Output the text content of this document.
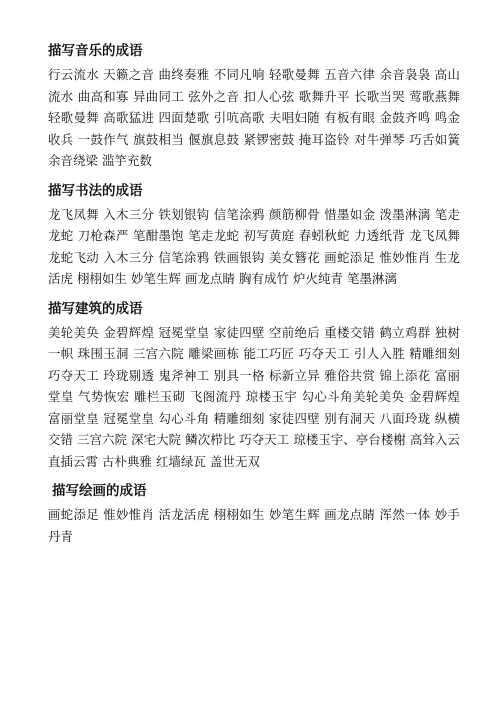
描写音乐的成语
行云流水 天籁之音 曲终奏雅 不同凡响 轻歌曼舞 五音六律 余音袅袅 高山流水 曲高和寡 异曲同工 弦外之音 扣人心弦 歌舞升平 长歌当哭 莺歌燕舞 轻歌曼舞 高歌猛进 四面楚歌 引吭高歌 夫唱妇随 有板有眼 金鼓齐鸣 鸣金收兵 一鼓作气 旗鼓相当 偃旗息鼓 紧锣密鼓 掩耳盗铃 对牛弹琴 巧舌如簧 余音绕梁 滥竽充数
描写书法的成语
龙飞凤舞 入木三分 铁划银钩 信笔涂鸦 颜筋柳骨 惜墨如金 泼墨淋漓 笔走龙蛇 刀枪森严 笔酣墨饱 笔走龙蛇 初写黄庭 春蚓秋蛇 力透纸背 龙飞凤舞 龙蛇飞动 入木三分 信笔涂鸦 铁画银钩 美女簪花 画蛇添足 惟妙惟肖 生龙活虎 栩栩如生 妙笔生辉 画龙点睛 胸有成竹 炉火纯青 笔墨淋漓
描写建筑的成语
美轮美奂 金碧辉煌 冠冕堂皇 家徒四壁 空前绝后 重楼交错 鹤立鸡群 独树一帜 珠围玉洞 三宫六院 雕梁画栋 能工巧匠 巧夺天工 引人入胜 精雕细刻 巧夺天工 玲珑剔透 鬼斧神工 别具一格 标新立异 雅俗共赏 锦上添花 富丽堂皇 气势恢宏 雕栏玉砌 飞阁流丹 琼楼玉宇 勾心斗角美轮美奂 金碧辉煌 富丽堂皇 冠冕堂皇 勾心斗角 精雕细刻 家徒四壁 别有洞天 八面玲珑 纵横交错 三宫六院 深宅大院 鳞次栉比 巧夺天工 琼楼玉宇、亭台楼榭 高耸入云 直插云霄 古朴典雅 红墙绿瓦 盖世无双
描写绘画的成语
画蛇添足 惟妙惟肖 活龙活虎 栩栩如生 妙笔生辉 画龙点睛 浑然一体 妙手丹青
